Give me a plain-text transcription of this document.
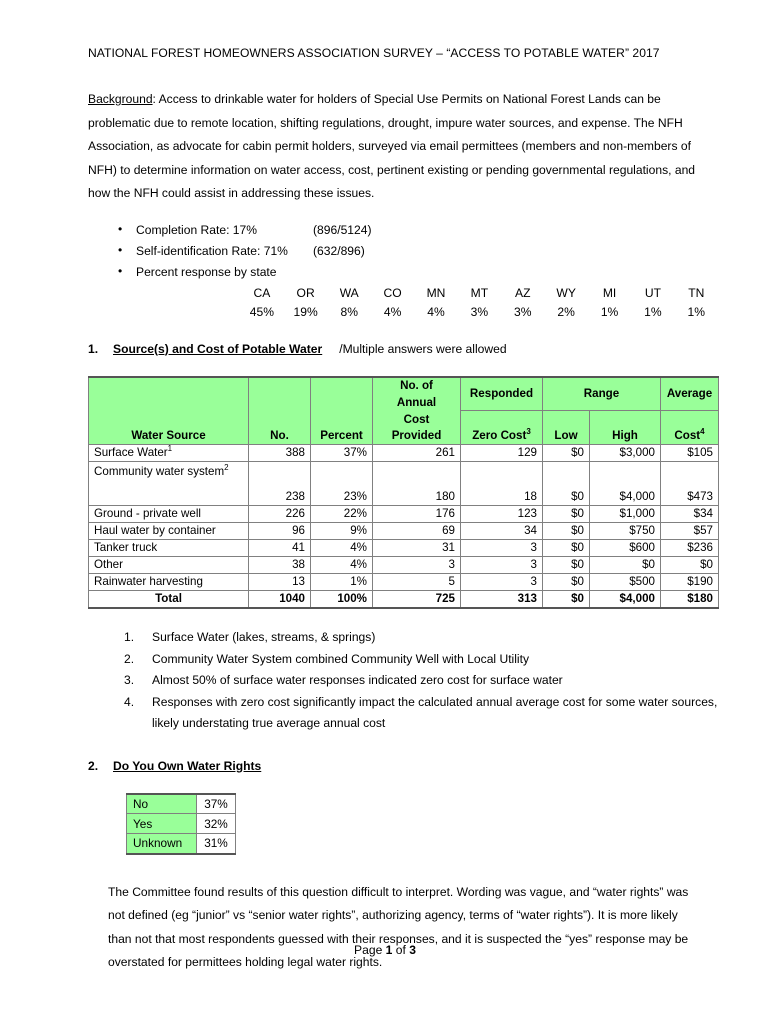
NATIONAL FOREST HOMEOWNERS ASSOCIATION SURVEY – “ACCESS TO POTABLE WATER” 2017
Background: Access to drinkable water for holders of Special Use Permits on National Forest Lands can be problematic due to remote location, shifting regulations, drought, impure water sources, and expense. The NFH Association, as advocate for cabin permit holders, surveyed via email permittees (members and non-members of NFH) to determine information on water access, cost, pertinent existing or pending governmental regulations, and how the NFH could assist in addressing these issues.
• Completion Rate: 17%	(896/5124)
• Self-identification Rate: 71% (632/896)
• Percent response by state
CA	OR	WA	CO	MN	MT	AZ	WY	MI	UT	TN
45%	19%	8%	4%	4%	3%	3%	2%	1%	1%	1%
1. Source(s) and Cost of Potable Water /Multiple answers were allowed
Water Source	No.	Percent	No. of	Responded	Range		Average
			Annual				
			Cost	Zero Cost$^3$	Low	High	Cost$^4$
			Provided				
Surface Water$^1$	388	37%	261	129	$0	$3,000	$105
Community water system$^2$	238	23%	180	18	$0	$4,000	$473
Ground - private well	226	22%	176	123	$0	$1,000	$34
Haul water by container	96	9%	69	34	$0	$750	$57
Tanker truck	41	4%	31	3	$0	$600	$236
Other	38	4%	3	3	$0	$0	$0
Rainwater harvesting	13	1%	5	3	$0	$500	$190
Total	1040	100%	725	313	$0	$4,000	$180
1. Surface Water (lakes, streams, & springs)
2. Community Water System combined Community Well with Local Utility
3. Almost 50% of surface water responses indicated zero cost for surface water
4. Responses with zero cost significantly impact the calculated annual average cost for some water sources, likely understating true average annual cost
2. Do You Own Water Rights
No	37%
Yes	32%
Unknown	31%
The Committee found results of this question difficult to interpret. Wording was vague, and “water rights” was not defined (eg “junior” vs “senior water rights”, authorizing agency, terms of “water rights”). It is more likely than not that most respondents guessed with their responses, and it is suspected the “yes” response may be overstated for permittees holding legal water rights.
Page 1 of 3
